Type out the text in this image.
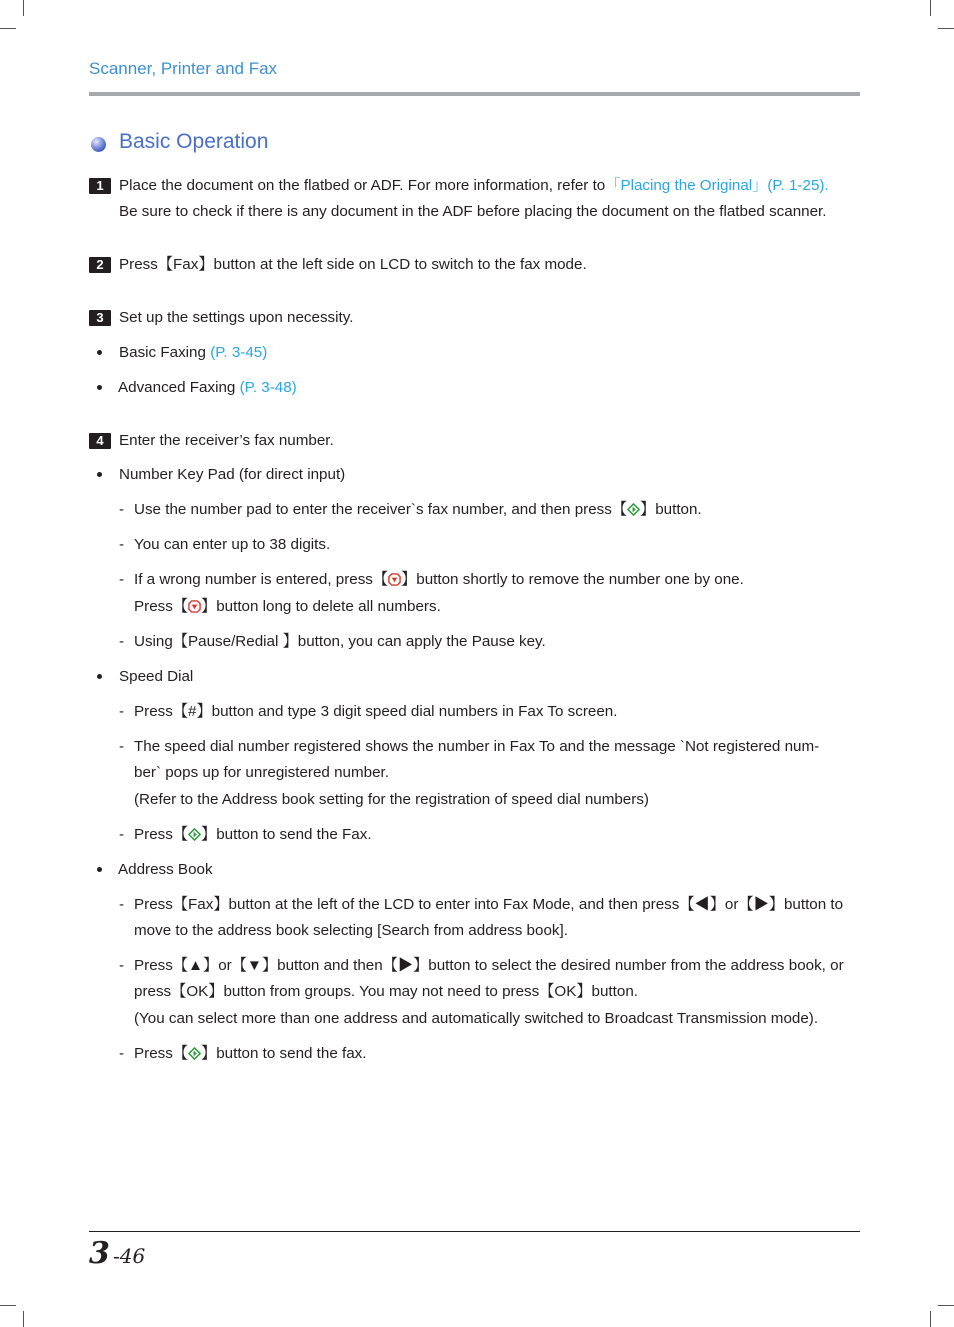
Scanner, Printer and Fax
Basic Operation
1	Place the document on the flatbed or ADF. For more information, refer to「Placing the Original」(P. 1-25).
Be sure to check if there is any document in the ADF before placing the document on the flatbed scanner.
2	Press【Fax】button at the left side on LCD to switch to the fax mode.
3	Set up the settings upon necessity.
Basic Faxing (P. 3-45)
Advanced Faxing (P. 3-48)
4	Enter the receiver’s fax number.
Number Key Pad (for direct input)
- Use the number pad to enter the receiver`s fax number, and then press【 】button.
- You can enter up to 38 digits.
- If a wrong number is entered, press【 】button shortly to remove the number one by one.
Press【 】button long to delete all numbers.
- Using【Pause/Redial 】button, you can apply the Pause key.
Speed Dial
- Press【#】button and type 3 digit speed dial numbers in Fax To screen.
- The speed dial number registered shows the number in Fax To and the message `Not registered num-
ber` pops up for unregistered number.
(Refer to the Address book setting for the registration of speed dial numbers)
- Press【 】button to send the Fax.
Address Book
- Press【Fax】button at the left of the LCD to enter into Fax Mode, and then press【◀】or【▶】button to
move to the address book selecting [Search from address book].
- Press【▲】or【▼】button and then【▶】button to select the desired number from the address book, or
press【OK】button from groups. You may not need to press【OK】button.
(You can select more than one address and automatically switched to Broadcast Transmission mode).
- Press【 】button to send the fax.
3 -46
